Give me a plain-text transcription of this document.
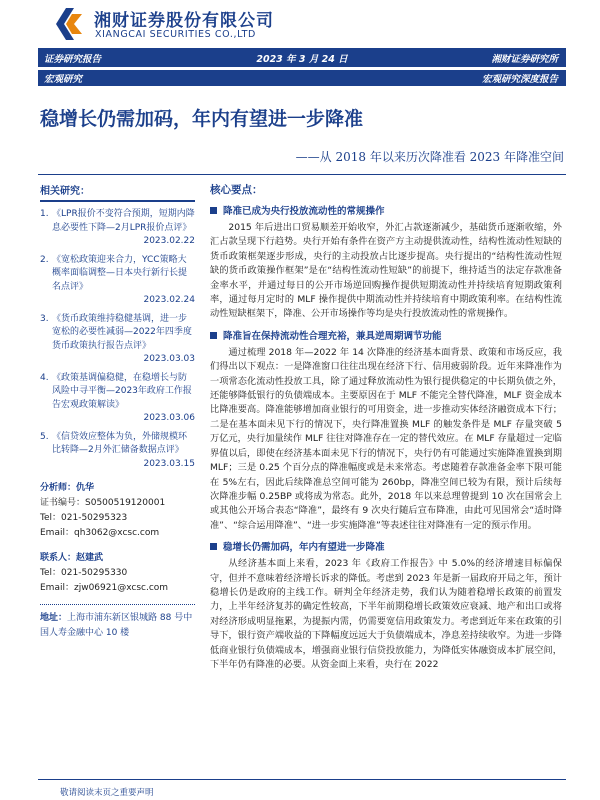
湘财证券股份有限公司
XIANGCAI SECURITIES CO.,LTD
证券研究报告	2023 年 3 月 24 日	湘财证券研究所
宏观研究	宏观研究深度报告
稳增长仍需加码，年内有望进一步降准
——从 2018 年以来历次降准看 2023 年降准空间
相关研究：
1. 《LPR报价不变符合预期，短期内降息必要性下降—2月LPR报价点评》
2023.02.22
2. 《宽松政策迎来合力，YCC策略大概率面临调整—日本央行新行长提名点评》
2023.02.24
3. 《货币政策维持稳健基调，进一步宽松的必要性减弱—2022年四季度货币政策执行报告点评》
2023.03.03
4. 《政策基调偏稳健，在稳增长与防风险中寻平衡—2023年政府工作报告宏观政策解读》
2023.03.06
5. 《信贷效应整体为负，外储规模环比转降—2月外汇储备数据点评》
2023.03.15
分析师：仇华
证书编号：S0500519120001
Tel：021-50295323
Email：qh3062@xcsc.com
联系人：赵建武
Tel：021-50295330
Email：zjw06921@xcsc.com
地址：上海市浦东新区银城路 88 号中国人寿金融中心 10 楼
核心要点：
降准已成为央行投放流动性的常规操作

2015 年后进出口贸易顺差开始收窄，外汇占款逐渐减少，基础货币逐渐收缩，外汇占款呈现下行趋势。央行开始有条件在资产方主动提供流动性，结构性流动性短缺的货币政策框架逐步形成，央行的主动投放占比逐步提高。央行提出的“结构性流动性短缺的货币政策操作框架”是在“结构性流动性短缺”的前提下，维持适当的法定存款准备金率水平，并通过每日的公开市场逆回购操作提供短期流动性并持续培育短期政策利率，通过每月定时的 MLF 操作提供中期流动性并持续培育中期政策利率。在结构性流动性短缺框架下，降准、公开市场操作等均是央行投放流动性的常规操作。

降准旨在保持流动性合理充裕，兼具逆周期调节功能

通过梳理 2018 年—2022 年 14 次降准的经济基本面背景、政策和市场反应，我们得出以下观点：一是降准窗口往往出现在经济下行、信用疲弱阶段。近年来降准作为一项常态化流动性投放工具，除了通过释放流动性为银行提供稳定的中长期负债之外，还能够降低银行的负债端成本。主要原因在于 MLF 不能完全替代降准，MLF 资金成本比降准要高。降准能够增加商业银行的可用资金，进一步推动实体经济融资成本下行；二是在基本面未见下行的情况下，央行降准置换 MLF 的触发条件是 MLF 存量突破 5 万亿元，央行加量续作 MLF 往往对降准存在一定的替代效应。在 MLF 存量超过一定临界值以后，即使在经济基本面未见下行的情况下，央行仍有可能通过实施降准置换到期 MLF；三是 0.25 个百分点的降准幅度或是未来常态。考虑随着存款准备金率下限可能在 5%左右，因此后续降准总空间可能为 260bp，降准空间已较为有限，预计后续每次降准步幅 0.25BP 或将成为常态。此外，2018 年以来总理曾提到 10 次在国常会上或其他公开场合表态“降准”，最终有 9 次央行随后宣布降准，由此可见国常会“适时降准”、“综合运用降准”、“进一步实施降准”等表述往往对降准有一定的预示作用。

稳增长仍需加码，年内有望进一步降准

从经济基本面上来看，2023 年《政府工作报告》中 5.0%的经济增速目标偏保守，但并不意味着经济增长诉求的降低。考虑到 2023 年是新一届政府开局之年，预计稳增长仍是政府的主线工作。研判全年经济走势，我们认为随着稳增长政策的前置发力，上半年经济复苏的确定性较高，下半年前期稳增长政策效应衰减、地产和出口或将对经济形成明显拖累，为提振内需，仍需要宽信用政策发力。考虑到近年来在政策的引导下，银行资产端收益的下降幅度远远大于负债端成本，净息差持续收窄。为进一步降低商业银行负债端成本，增强商业银行信贷投放能力，为降低实体融资成本扩展空间，下半年仍有降准的必要。从资金面上来看，央行在 2022

敬请阅读末页之重要声明
